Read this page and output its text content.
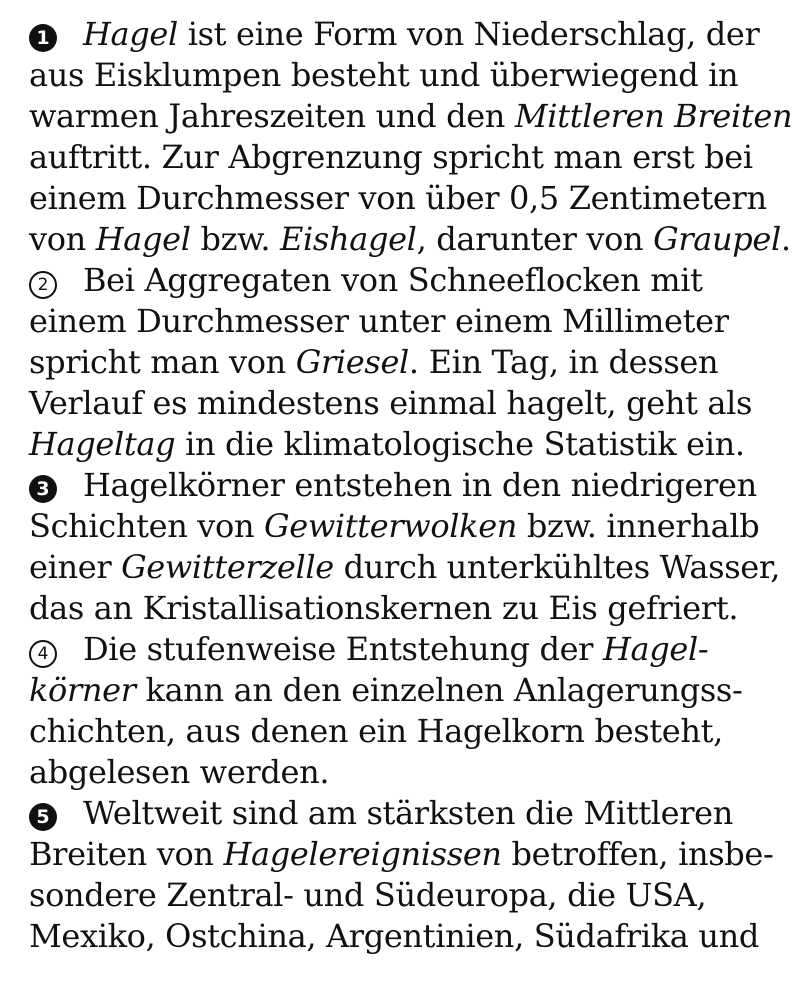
1 Hagel ist eine Form von Niederschlag, der
aus Eisklumpen besteht und überwiegend in
warmen Jahreszeiten und den Mittleren Breiten
auftritt. Zur Abgrenzung spricht man erst bei
einem Durchmesser von über 0,5 Zentimetern
von Hagel bzw. Eishagel, darunter von Graupel.
2 Bei Aggregaten von Schneeflocken mit
einem Durchmesser unter einem Millimeter
spricht man von Griesel. Ein Tag, in dessen
Verlauf es mindestens einmal hagelt, geht als
Hageltag in die klimatologische Statistik ein.
3 Hagelkörner entstehen in den niedrigeren
Schichten von Gewitterwolken bzw. innerhalb
einer Gewitterzelle durch unterkühltes Wasser,
das an Kristallisationskernen zu Eis gefriert.
4 Die stufenweise Entstehung der Hagel-
körner kann an den einzelnen Anlagerungss-
chichten, aus denen ein Hagelkorn besteht,
abgelesen werden.
5 Weltweit sind am stärksten die Mittleren
Breiten von Hagelereignissen betroffen, insbe-
sondere Zentral- und Südeuropa, die USA,
Mexiko, Ostchina, Argentinien, Südafrika und
